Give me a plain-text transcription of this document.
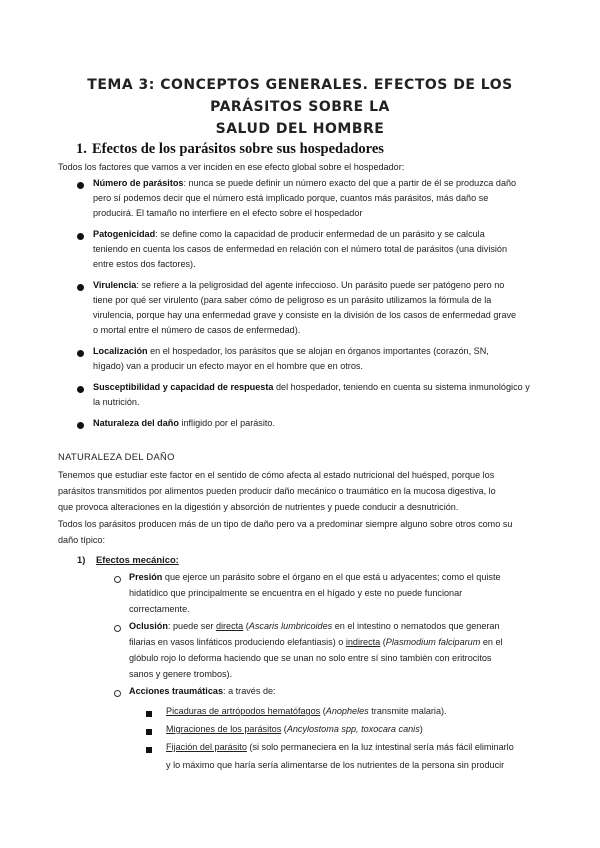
TEMA 3: CONCEPTOS GENERALES. EFECTOS DE LOS PARÁSITOS SOBRE LA
SALUD DEL HOMBRE
1. Efectos de los parásitos sobre sus hospedadores
Todos los factores que vamos a ver inciden en ese efecto global sobre el hospedador:
Número de parásitos: nunca se puede definir un número exacto del que a partir de él se produzca daño
pero sí podemos decir que el número está implicado porque, cuantos más parásitos, más daño se
producirá. El tamaño no interfiere en el efecto sobre el hospedador
Patogenicidad: se define como la capacidad de producir enfermedad de un parásito y se calcula
teniendo en cuenta los casos de enfermedad en relación con el número total de parásitos (una división
entre estos dos factores).
Virulencia: se refiere a la peligrosidad del agente infeccioso. Un parásito puede ser patógeno pero no
tiene por qué ser virulento (para saber cómo de peligroso es un parásito utilizamos la fórmula de la
virulencia, porque hay una enfermedad grave y consiste en la división de los casos de enfermedad grave
o mortal entre el número de casos de enfermedad).
Localización en el hospedador, los parásitos que se alojan en órganos importantes (corazón, SN,
hígado) van a producir un efecto mayor en el hombre que en otros.
Susceptibilidad y capacidad de respuesta del hospedador, teniendo en cuenta su sistema inmunológico y
la nutrición.
Naturaleza del daño infligido por el parásito.
NATURALEZA DEL DAÑO
Tenemos que estudiar este factor en el sentido de cómo afecta al estado nutricional del huésped, porque los
parásitos transmitidos por alimentos pueden producir daño mecánico o traumático en la mucosa digestiva, lo
que provoca alteraciones en la digestión y absorción de nutrientes y puede conducir a desnutrición.
Todos los parásitos producen más de un tipo de daño pero va a predominar siempre alguno sobre otros como su
daño típico:
1) Efectos mecánico:
Presión que ejerce un parásito sobre el órgano en el que está u adyacentes; como el quiste
hidatídico que principalmente se encuentra en el hígado y este no puede funcionar
correctamente.
Oclusión: puede ser directa (Ascaris lumbricoides en el intestino o nematodos que generan
filarias en vasos linfáticos produciendo elefantiasis) o indirecta (Plasmodium falciparum en el
glóbulo rojo lo deforma haciendo que se unan no solo entre sí sino también con eritrocitos
sanos y genere trombos).
Acciones traumáticas: a través de:
Picaduras de artrópodos hematófagos (Anopheles transmite malaria).
Migraciones de los parásitos (Ancylostoma spp, toxocara canis)
Fijación del parásito (si solo permaneciera en la luz intestinal sería más fácil eliminarlo
y lo máximo que haría sería alimentarse de los nutrientes de la persona sin producir
